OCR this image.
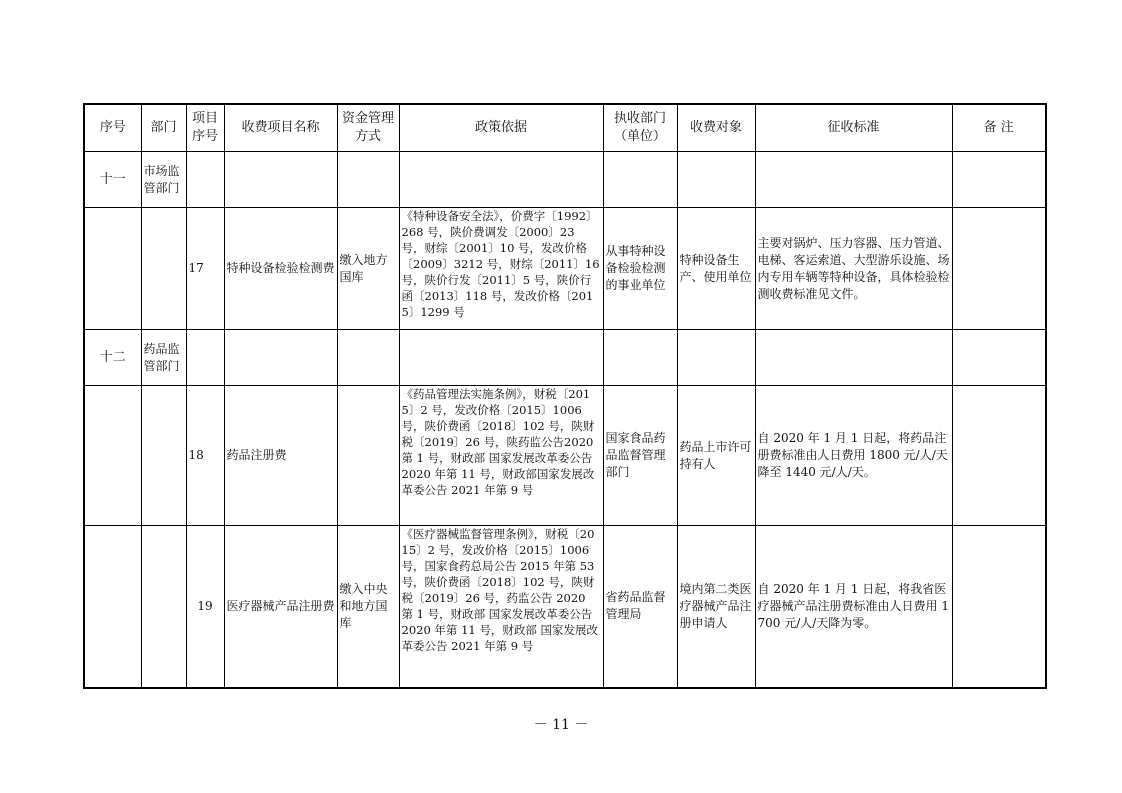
序号	部门	项目序号	收费项目名称	资金管理方式	政策依据	执收部门（单位）	收费对象	征收标准	备 注
十一	市场监管部门								
		17	特种设备检验检测费	缴入地方国库	《特种设备安全法》，价费字〔1992〕268 号，陕价费调发〔2000〕23 号，财综〔2001〕10 号，发改价格〔2009〕3212 号，财综〔2011〕16 号，陕价行发〔2011〕5 号，陕价行函〔2013〕118 号，发改价格〔2015〕1299 号	从事特种设备检验检测的事业单位	特种设备生产、使用单位	主要对锅炉、压力容器、压力管道、电梯、客运索道、大型游乐设施、场内专用车辆等特种设备，具体检验检测收费标准见文件。	
十二	药品监管部门								
		18	药品注册费		《药品管理法实施条例》，财税〔2015〕2 号，发改价格〔2015〕1006 号，陕价费函〔2018〕102 号，陕财税〔2019〕26 号，陕药监公告2020 第 1 号，财政部 国家发展改革委公告 2020 年第 11 号，财政部国家发展改革委公告 2021 年第 9 号	国家食品药品监督管理部门	药品上市许可持有人	自 2020 年 1 月 1 日起，将药品注册费标准由人日费用 1800 元/人/天降至 1440 元/人/天。	
		19	医疗器械产品注册费	缴入中央和地方国库	《医疗器械监督管理条例》，财税〔2015〕2 号，发改价格〔2015〕1006 号，国家食药总局公告 2015 年第 53 号，陕价费函〔2018〕102 号，陕财税〔2019〕26 号，药监公告 2020 第 1 号，财政部 国家发展改革委公告 2020 年第 11 号，财政部 国家发展改革委公告 2021 年第 9 号	省药品监督管理局	境内第二类医疗器械产品注册申请人	自 2020 年 1 月 1 日起，将我省医疗器械产品注册费标准由人日费用 1700 元/人/天降为零。	
－ 11 －
